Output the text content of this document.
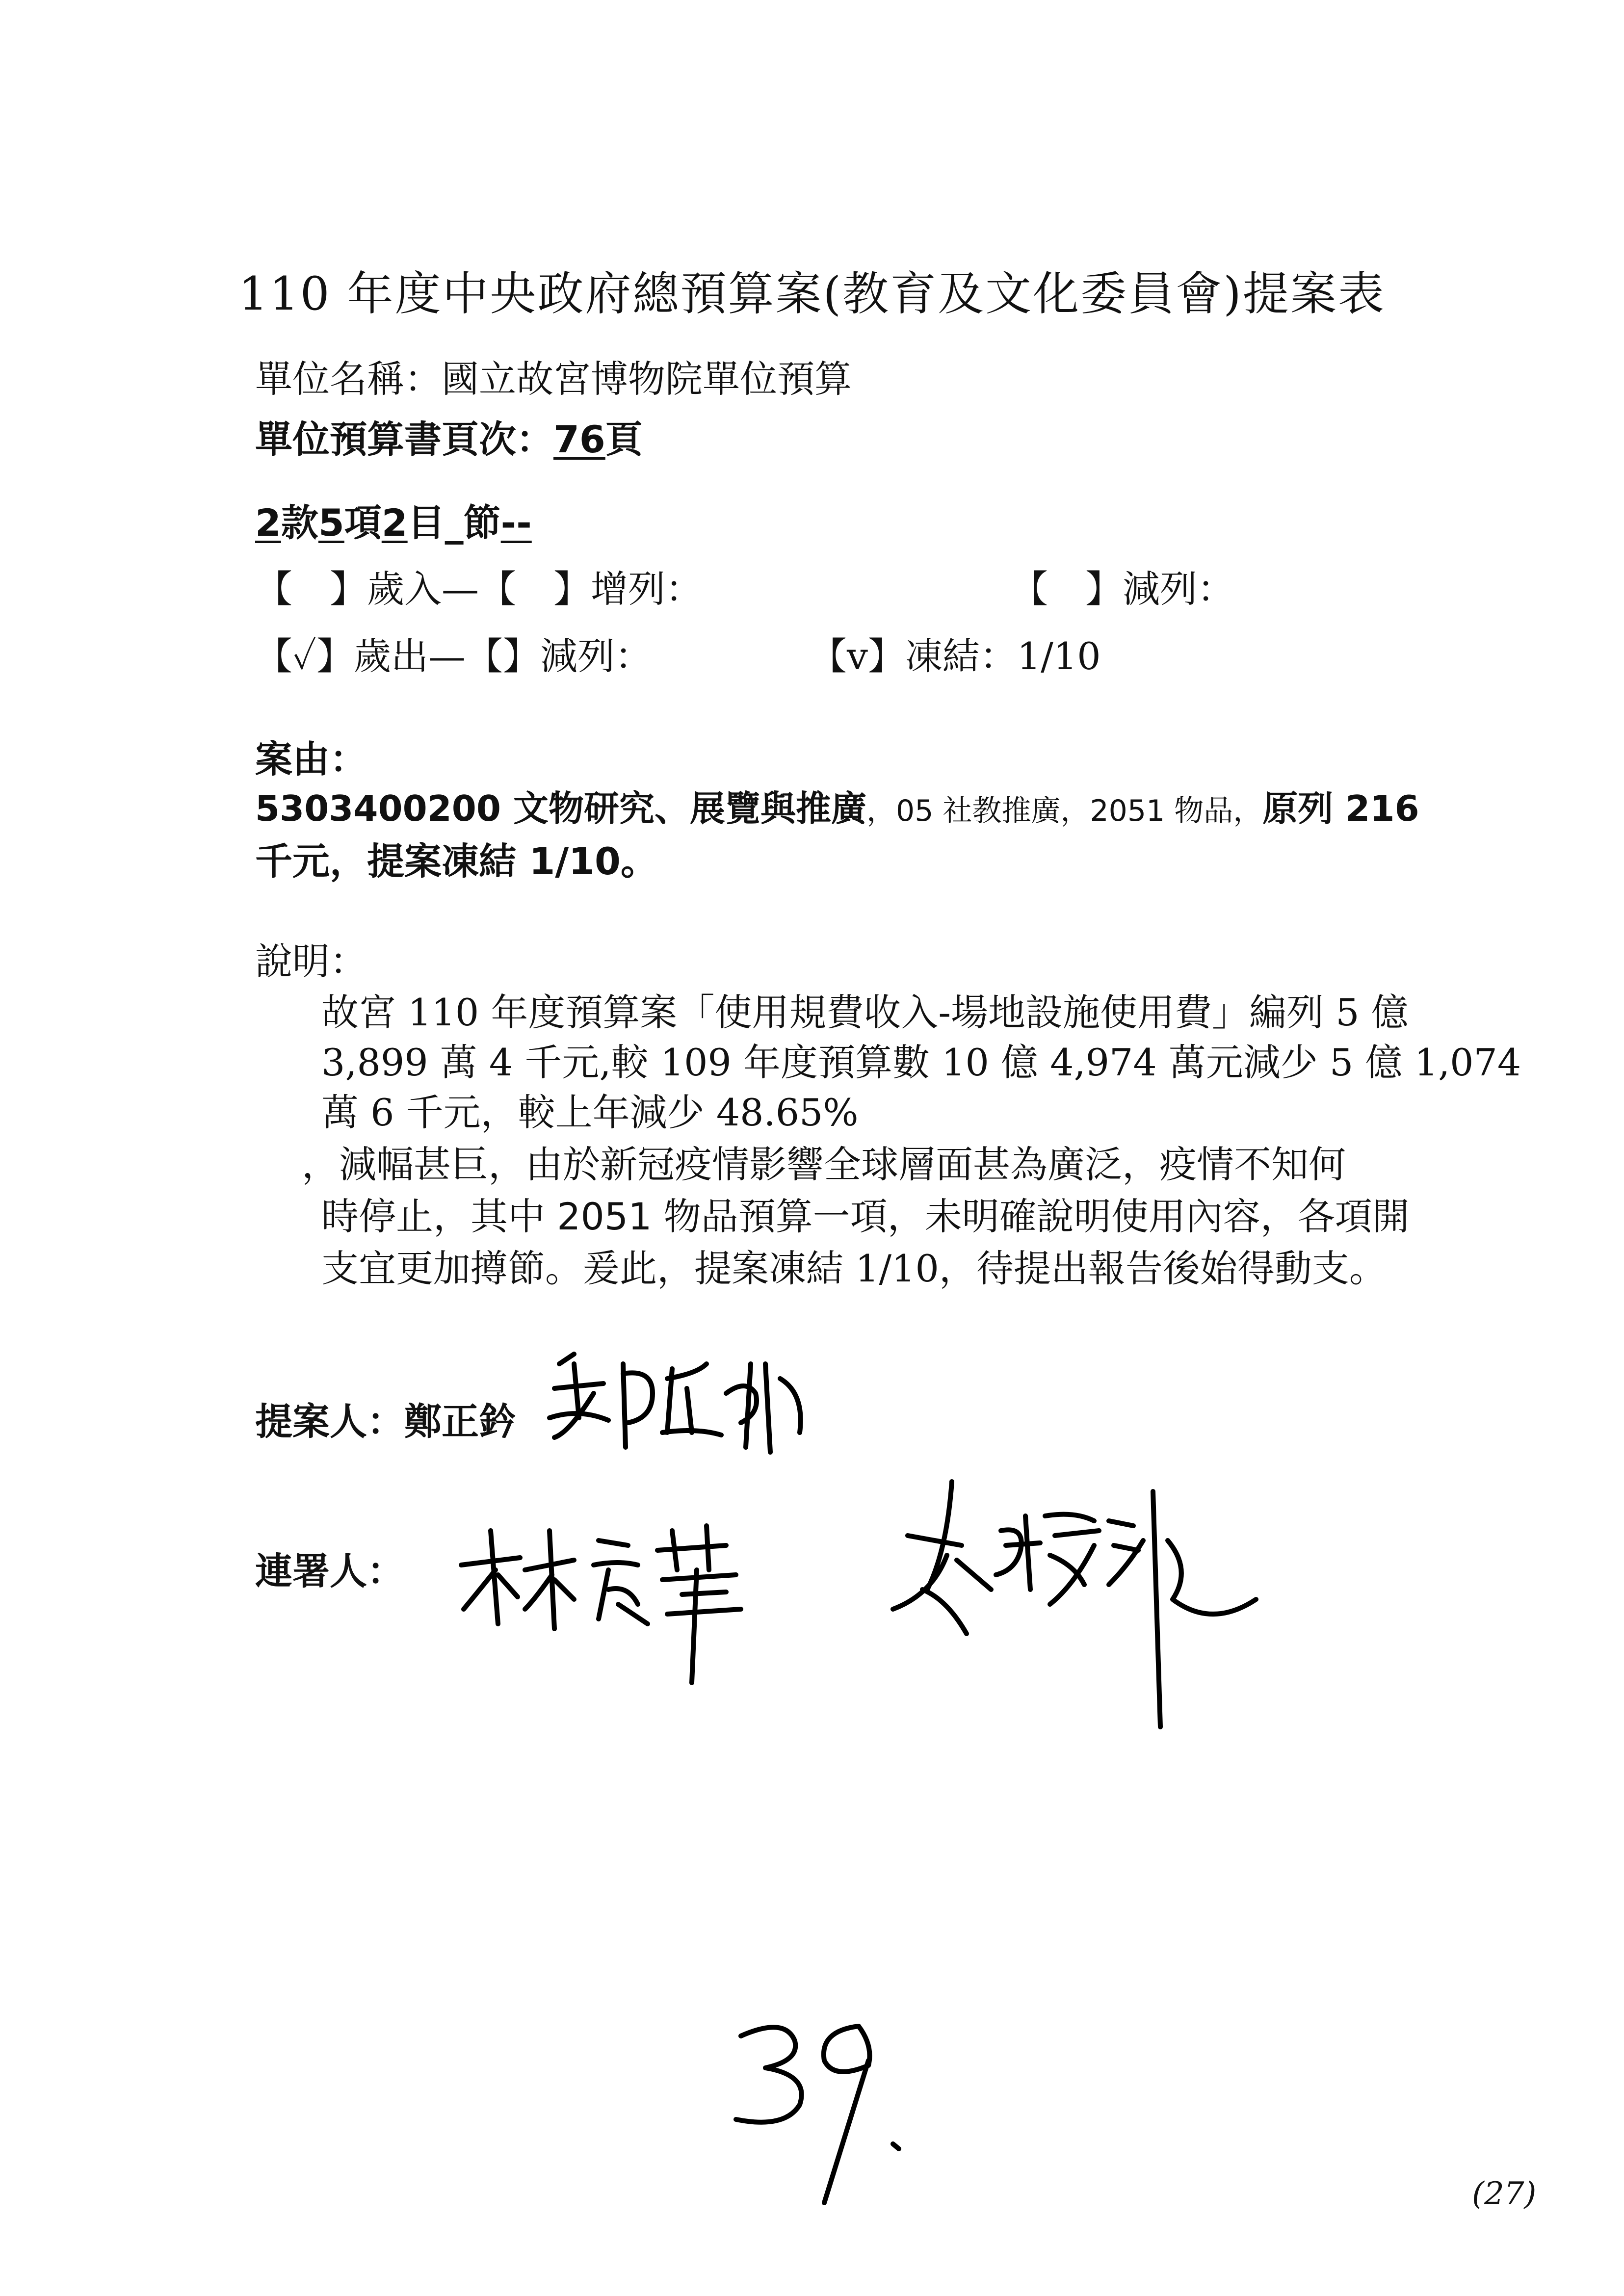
110 年度中央政府總預算案(教育及文化委員會)提案表
單位名稱：國立故宮博物院單位預算
單位預算書頁次：76頁
2款5項2目_節--
【　】歲入—【　】增列：	【　】減列：
【✓】歲出—【】減列：	【v】凍結：1/10
案由：
5303400200 文物研究、展覽與推廣，05 社教推廣，2051 物品，原列 216
千元，提案凍結 1/10。
說明：
故宮 110 年度預算案「使用規費收入-場地設施使用費」編列 5 億
3,899 萬 4 千元,較 109 年度預算數 10 億 4,974 萬元減少 5 億 1,074
萬 6 千元，較上年減少 48.65%
，減幅甚巨，由於新冠疫情影響全球層面甚為廣泛，疫情不知何
時停止，其中 2051 物品預算一項，未明確說明使用內容，各項開
支宜更加撙節。爰此，提案凍結 1/10，待提出報告後始得動支。
提案人：鄭正鈐
連署人：
(27)
